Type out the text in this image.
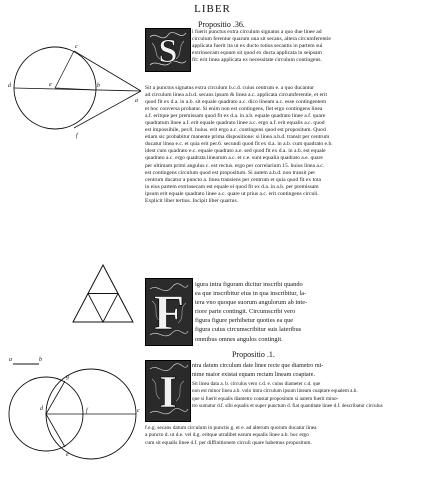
LIBER
a
b
c
d	e
f
Propositio .36.
S

i fuerit punctus extra circulum signatus a quo due linee ad

circulum ferentur quarum una sit secans, altera circumferentie

applicata fuerit ita ut ex ducto totius secantis in partem sui

extrinsecam equum sit quod ex ducta applicata in seipsam

fit: erit linea applicata ex necessitate circulum contingens.

Sit a punctus signatus extra circulum b.c.d. cuius centrum e. a quo ducantur

ad circulum linea a.b.d. secans ipsum & linea a.c. applicata circumferentie, et erit

quod fit ex d.a. in a.b. sit equale quadrato a.c. dico lineam a.c. esse contingentem

et hoc conversa probatur. Si enim non est contingens, fiet ergo contingens linea

a.f. eritque per premissam quod fit ex d.a. in a.b. equale quadrato linee a.f. quare

quadratum linee a.f. erit equale quadrato linee a.c. ergo a.f. erit equalis a.c. quod

est impossibile, per.8. huius. erit ergo a.c. contingens quod est propositum. Quod

etiam sic probabitur manente prima dispositione: si linea a.b.d. transit per centrum

ducatur linea e.c. et quia erit per.6. secundi quod fit ex d.a. in a.b. cum quadrato e.b.

idest cum quadrato e.c. equale quadrato a.e. sed quod fit ex d.a. in a.b. est equale

quadrato a.c. ergo quadrata linearum a.c. et c.e. sunt equalia quadrato a.e. quare

per ultimam primi angulus c. est rectus. ergo per correlarium 15. huius linea a.c.

est contingens circulum quod est propositum. Si autem a.b.d. non transit per

centrum ducatur a puncto a. linea transiens per centrum et quia quod fit ex tota

in eius partem extrinsecam est equale ei quod fit ex d.a. in a.b. per premissam

ipsum erit equale quadrato linee a.c. quare ut prius a.c. erit contingens circuli.

Explicit liber tertius. Incipit liber quartus.

F igura intra figuram dicitur inscribi quando

ea que inscribitur eius in qua inscribitur, la-

tera vno quoque suorum angulorum ab inte-

riore parte contingit. Circumscribi vero

figura figure perhibetur quoties ea que

figura cuius circumscribitur suis lateribus

omnibus omnes angulos contingit.

a	b
c
d
e
f
g
Propositio .1.
I ntra datum circulum date linee recte que diametro mi-

nime maior existat equam rectam lineam coaptare.

Sit linea data a. b. circulus vero c.d. e. cuius diameter c.d. que

non est minor linea a.b. volo intra circulum ipsum lineam coaptare equalem a.b.

que si fuerit equalis diametro constat propositum si autem fuerit mino-

tro sumatur d.f. sibi equalis et super punctum d. fiat quantitate linee d.f. describatur circulus

f.e.g. secans datum circulum in punctis g. et e. ad alterum quorum ducatur linea

a puncto d. ut d.e. vel d.g. eritque utralibet earum equalis linee a.b. hoc ergo

cum sit equalis linee d.f. per diffinitionem circuli quare habemus propositum.
